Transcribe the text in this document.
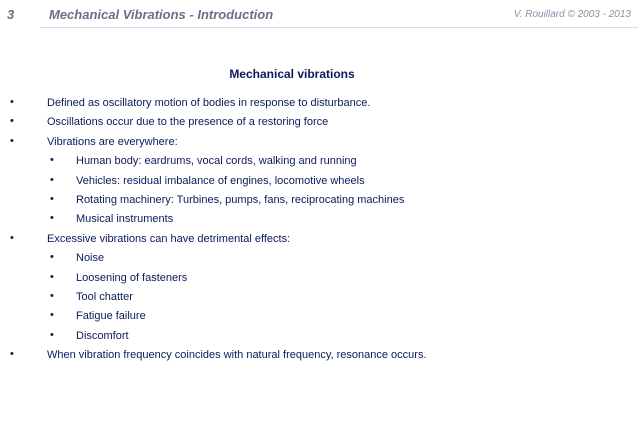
3	Mechanical Vibrations - Introduction	V. Rouillard © 2003 - 2013
Mechanical vibrations
•	Defined as oscillatory motion of bodies in response to disturbance.
•	Oscillations occur due to the presence of a restoring force
•	Vibrations are everywhere:
• Human body: eardrums, vocal cords, walking and running
• Vehicles: residual imbalance of engines, locomotive wheels
• Rotating machinery: Turbines, pumps, fans, reciprocating machines
• Musical instruments
•	Excessive vibrations can have detrimental effects:
• Noise
• Loosening of fasteners
• Tool chatter
• Fatigue failure
• Discomfort
•	When vibration frequency coincides with natural frequency, resonance occurs.
